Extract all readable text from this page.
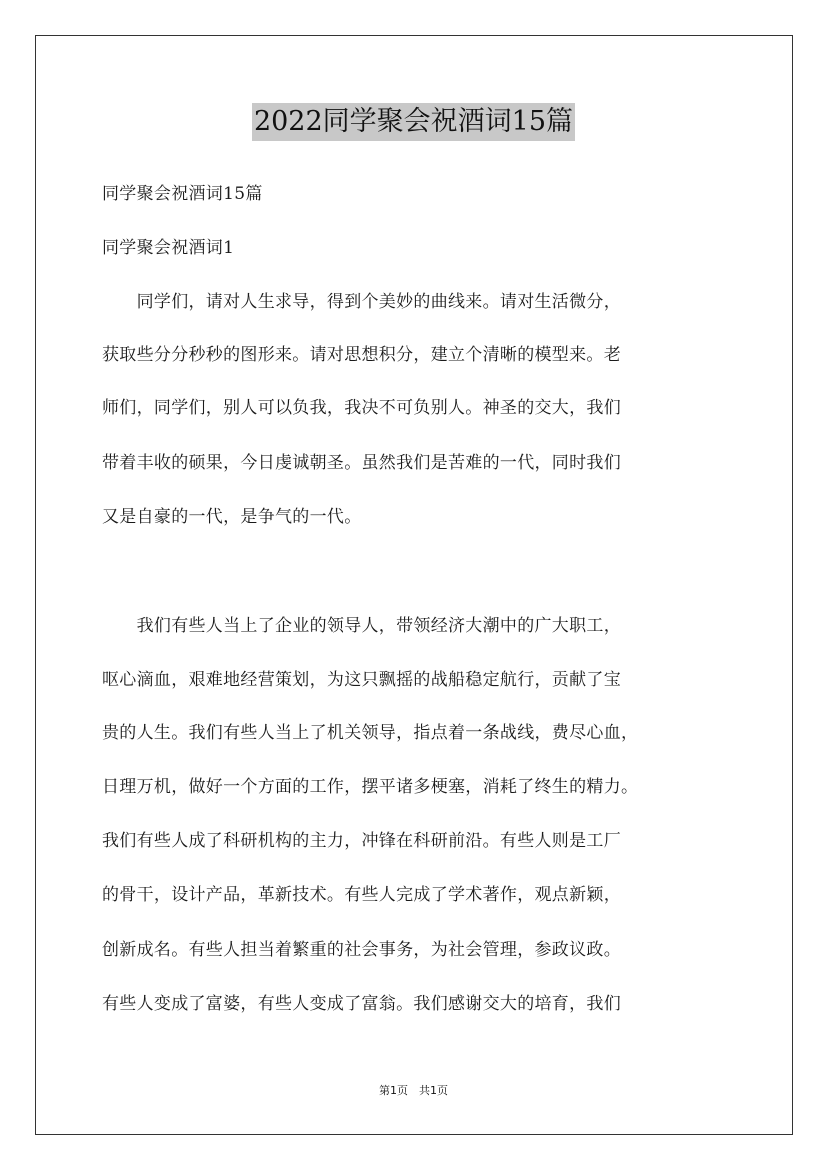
2022同学聚会祝酒词15篇
同学聚会祝酒词15篇
同学聚会祝酒词1
　　同学们，请对人生求导，得到个美妙的曲线来。请对生活微分，
获取些分分秒秒的图形来。请对思想积分，建立个清晰的模型来。老
师们，同学们，别人可以负我，我决不可负别人。神圣的交大，我们
带着丰收的硕果，今日虔诚朝圣。虽然我们是苦难的一代，同时我们
又是自豪的一代，是争气的一代。
　　我们有些人当上了企业的领导人，带领经济大潮中的广大职工，
呕心滴血，艰难地经营策划，为这只飘摇的战船稳定航行，贡献了宝
贵的人生。我们有些人当上了机关领导，指点着一条战线，费尽心血，
日理万机，做好一个方面的工作，摆平诸多梗塞，消耗了终生的精力。
我们有些人成了科研机构的主力，冲锋在科研前沿。有些人则是工厂
的骨干，设计产品，革新技术。有些人完成了学术著作，观点新颖，
创新成名。有些人担当着繁重的社会事务，为社会管理，参政议政。
有些人变成了富婆，有些人变成了富翁。我们感谢交大的培育，我们
第1页　共1页
